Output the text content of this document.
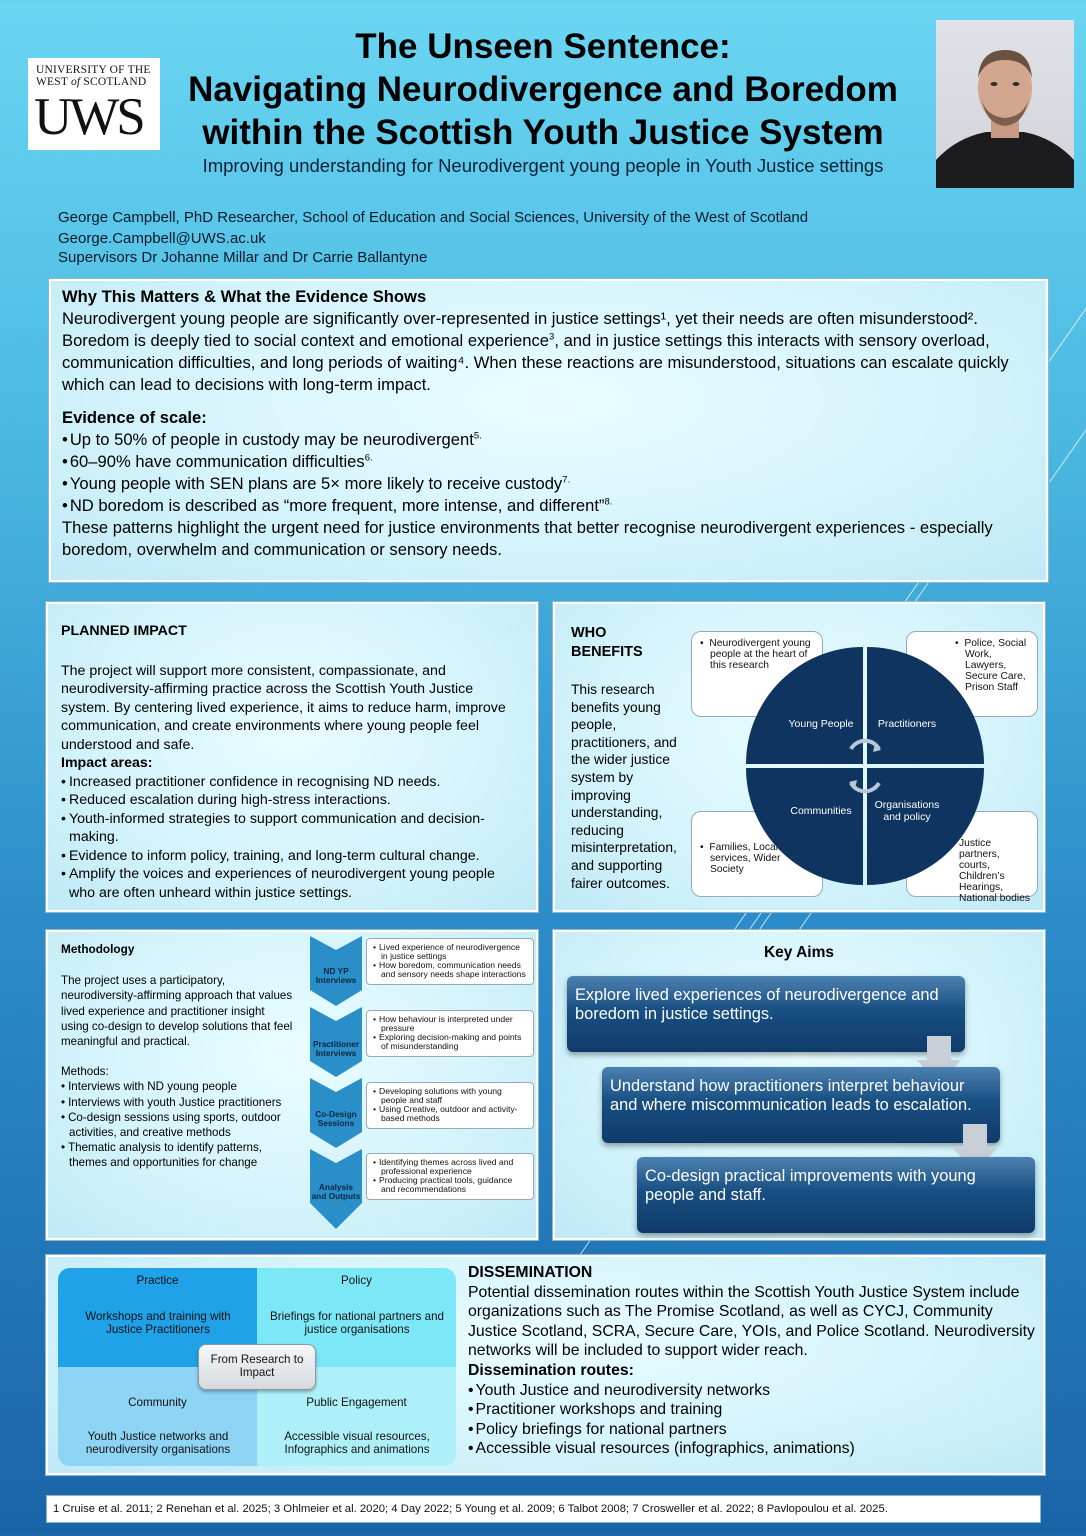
UNIVERSITY OF THE
WEST of SCOTLAND
UWS
The Unseen Sentence:
Navigating Neurodivergence and Boredom
within the Scottish Youth Justice System
Improving understanding for Neurodivergent young people in Youth Justice settings
George Campbell, PhD Researcher, School of Education and Social Sciences, University of the West of Scotland
George.Campbell@UWS.ac.uk
Supervisors Dr Johanne Millar and Dr Carrie Ballantyne
Why This Matters & What the Evidence Shows
Neurodivergent young people are significantly over-represented in justice settings¹, yet their needs are often misunderstood². Boredom is deeply tied to social context and emotional experience$^3$, and in justice settings this interacts with sensory overload, communication difficulties, and long periods of waiting⁴. When these reactions are misunderstood, situations can escalate quickly which can lead to decisions with long-term impact.
Evidence of scale:
• Up to 50% of people in custody may be neurodivergent$^{5.}$
• 60–90% have communication difficulties$^{6.}$
• Young people with SEN plans are 5× more likely to receive custody$^{7.}$
• ND boredom is described as “more frequent, more intense, and different”$^{8.}$
These patterns highlight the urgent need for justice environments that better recognise neurodivergent experiences - especially boredom, overwhelm and communication or sensory needs.
PLANNED IMPACT
The project will support more consistent, compassionate, and neurodiversity-affirming practice across the Scottish Youth Justice system. By centering lived experience, it aims to reduce harm, improve communication, and create environments where young people feel understood and safe.
Impact areas:
• Increased practitioner confidence in recognising ND needs.
• Reduced escalation during high-stress interactions.
• Youth-informed strategies to support communication and decision-making.
• Evidence to inform policy, training, and long-term cultural change.
• Amplify the voices and experiences of neurodivergent young people who are often unheard within justice settings.
WHO
BENEFITS
This research benefits young people, practitioners, and the wider justice system by improving understanding, reducing misinterpretation, and supporting fairer outcomes.
•  Neurodivergent young people at the heart of this research
•  Police, Social Work, Lawyers, Secure Care, Prison Staff
•  Families, Local services, Wider Society
Justice partners, courts, Children’s Hearings, National bodies
Young People Practitioners
Communities Organisations
and policy
Methodology
The project uses a participatory, neurodiversity-affirming approach that values lived experience and practitioner insight using co-design to develop solutions that feel meaningful and practical.
Methods:
• Interviews with ND young people
• Interviews with youth Justice practitioners
• Co-design sessions using sports, outdoor activities, and creative methods
• Thematic analysis to identify patterns, themes and opportunities for change
ND YP
Interviews
• Lived experience of neurodivergence in justice settings
• How boredom, communication needs and sensory needs shape interactions
Practitioner
Interviews
• How behaviour is interpreted under pressure
• Exploring decision-making and points of misunderstanding
Co-Design
Sessions
• Developing solutions with young people and staff
• Using Creative, outdoor and activity-based methods
Analysis
and Outputs
• Identifying themes across lived and professional experience
• Producing practical tools, guidance and recommendations
Key Aims
Explore lived experiences of neurodivergence and boredom in justice settings.
Understand how practitioners interpret behaviour and where miscommunication leads to escalation.
Co-design practical improvements with young people and staff.
Practice
Workshops and training with Justice Practitioners
Policy
Briefings for national partners and justice organisations
Community
Youth Justice networks and neurodiversity organisations
Public Engagement
Accessible visual resources, Infographics and animations
From Research to Impact
DISSEMINATION
Potential dissemination routes within the Scottish Youth Justice System include organizations such as The Promise Scotland, as well as CYCJ, Community Justice Scotland, SCRA, Secure Care, YOIs, and Police Scotland. Neurodiversity networks will be included to support wider reach.
Dissemination routes:
• Youth Justice and neurodiversity networks
• Practitioner workshops and training
• Policy briefings for national partners
• Accessible visual resources (infographics, animations)
1 Cruise et al. 2011; 2 Renehan et al. 2025; 3 Ohlmeier et al. 2020; 4 Day 2022; 5 Young et al. 2009; 6 Talbot 2008; 7 Crosweller et al. 2022; 8 Pavlopoulou et al. 2025.
